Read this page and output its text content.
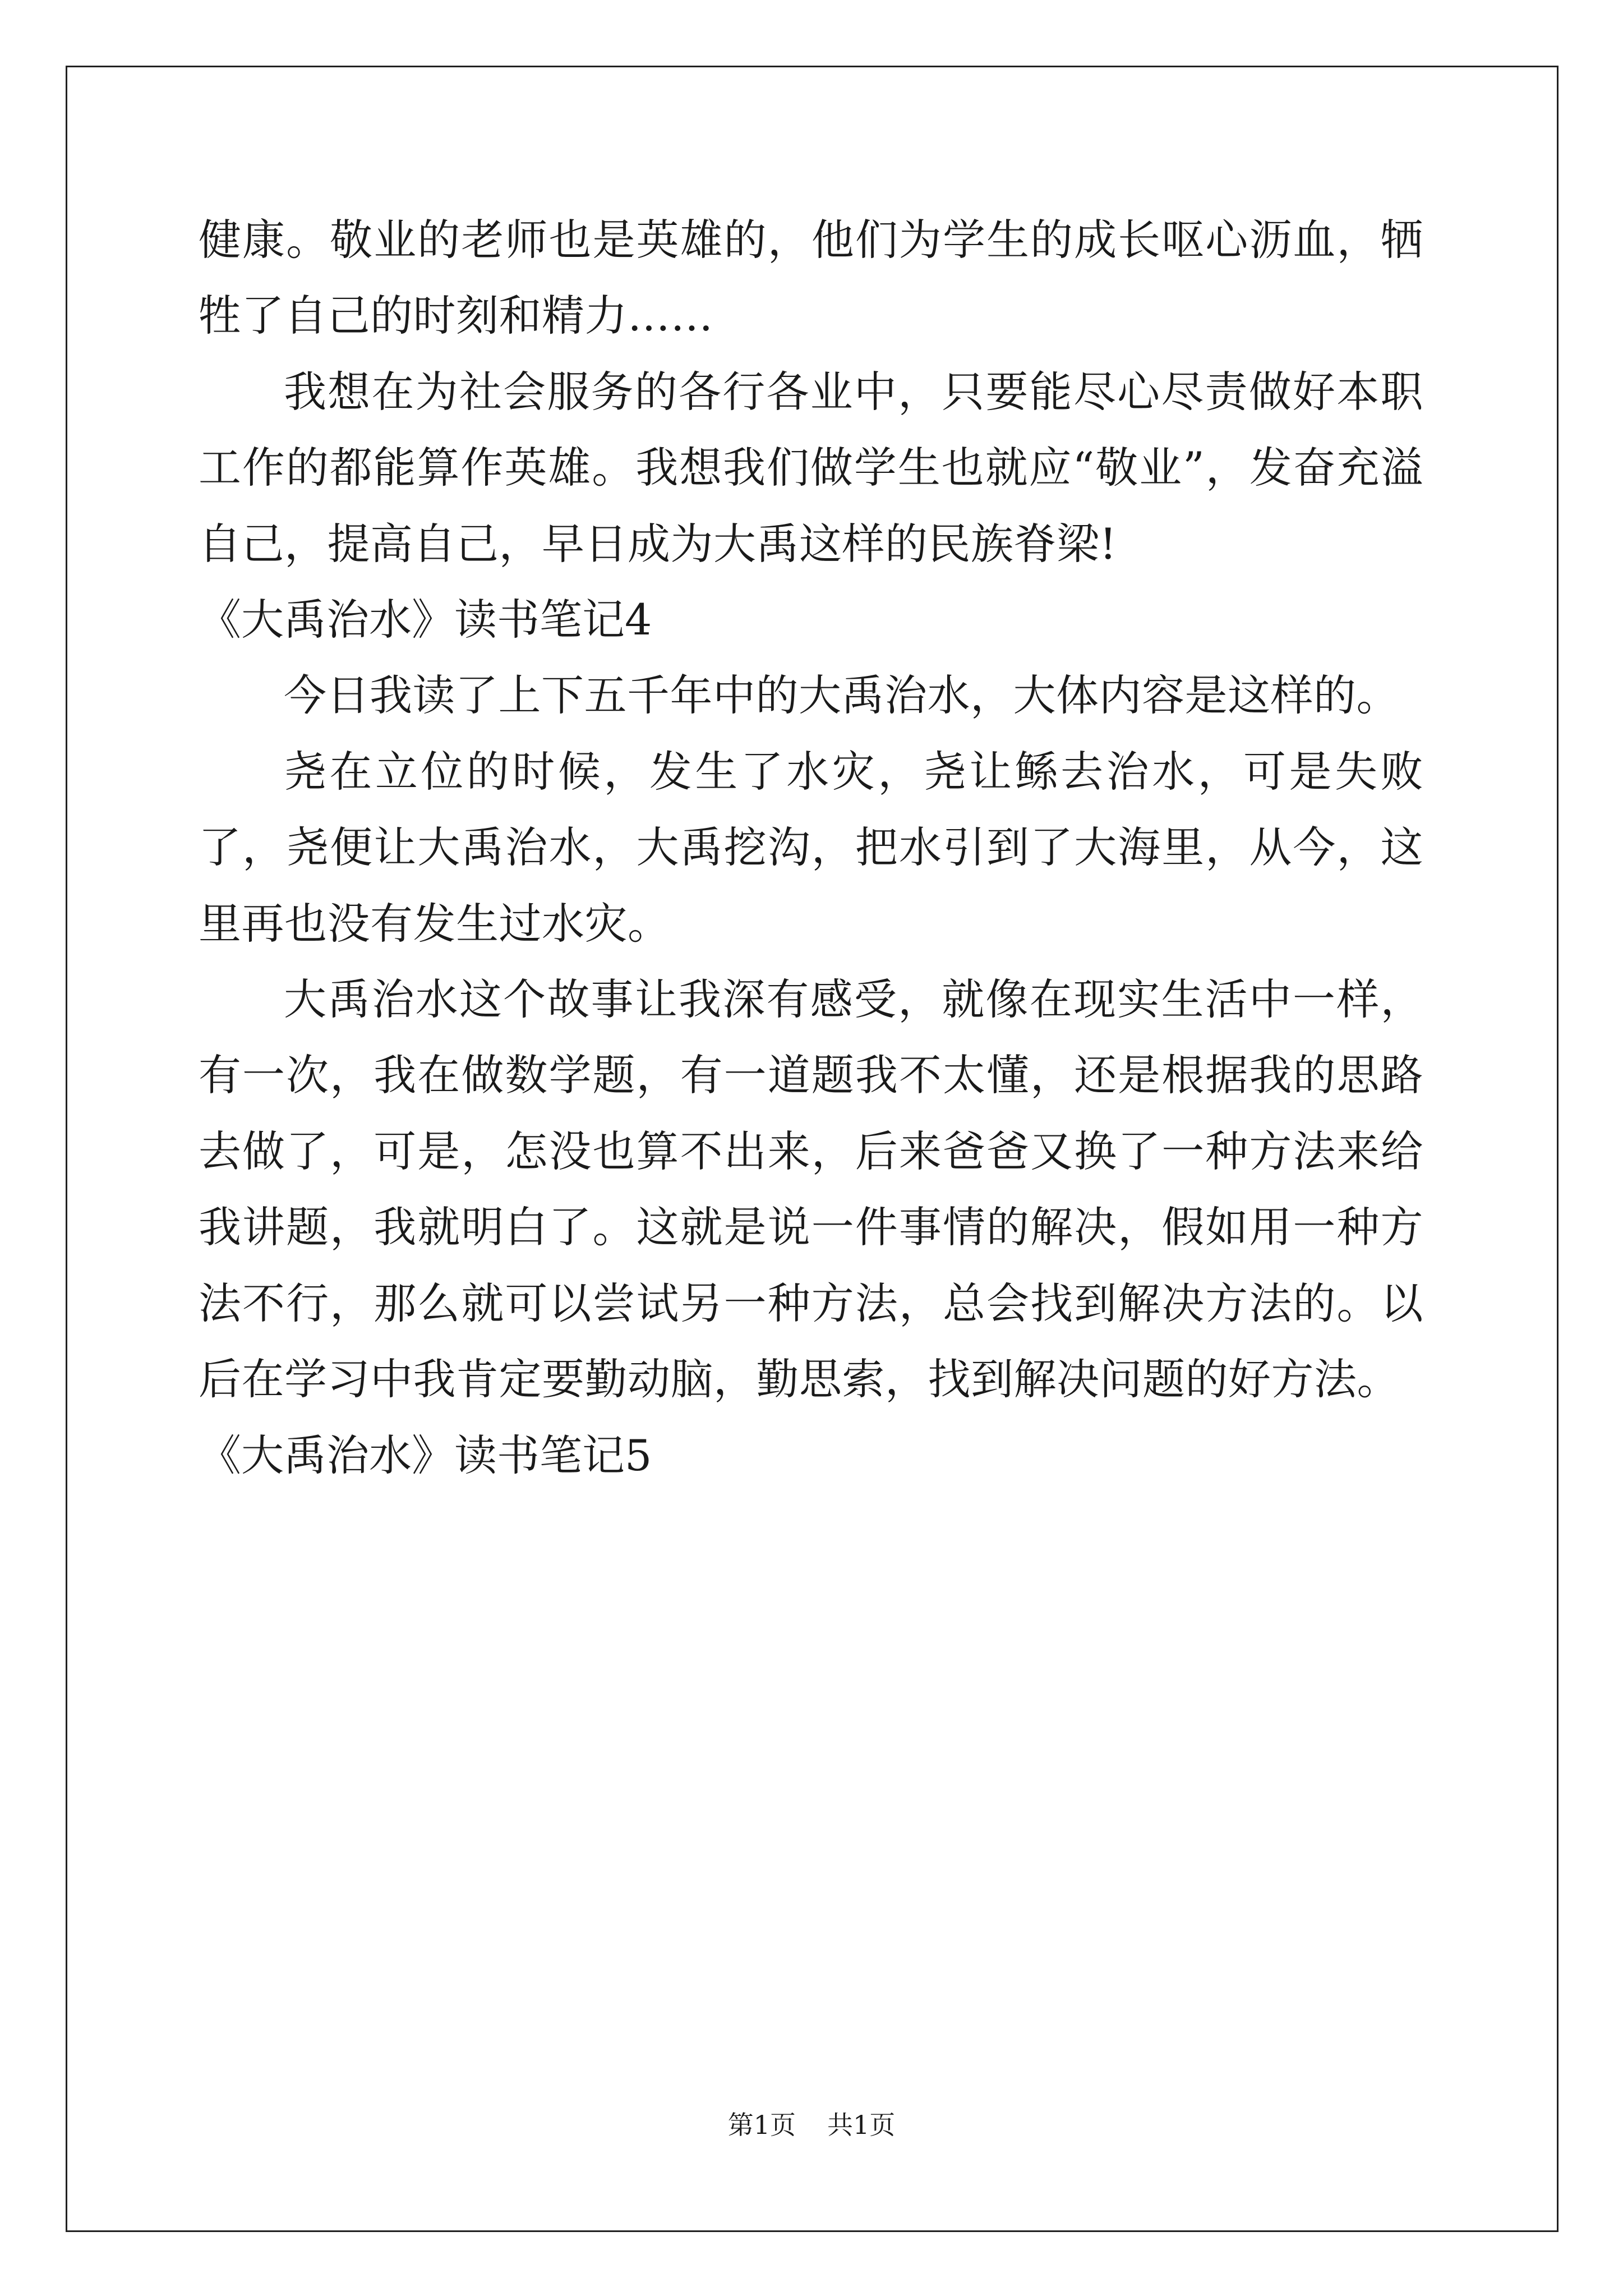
健康。敬业的老师也是英雄的，他们为学生的成长呕心沥血，牺牲了自己的时刻和精力……

我想在为社会服务的各行各业中，只要能尽心尽责做好本职工作的都能算作英雄。我想我们做学生也就应“敬业”，发奋充溢自己，提高自己，早日成为大禹这样的民族脊梁!

《大禹治水》读书笔记4

今日我读了上下五千年中的大禹治水，大体内容是这样的。

尧在立位的时候，发生了水灾，尧让鲧去治水，可是失败了，尧便让大禹治水，大禹挖沟，把水引到了大海里，从今，这里再也没有发生过水灾。

大禹治水这个故事让我深有感受，就像在现实生活中一样，有一次，我在做数学题，有一道题我不太懂，还是根据我的思路去做了，可是，怎没也算不出来，后来爸爸又换了一种方法来给我讲题，我就明白了。这就是说一件事情的解决，假如用一种方法不行，那么就可以尝试另一种方法，总会找到解决方法的。以后在学习中我肯定要勤动脑，勤思索，找到解决问题的好方法。

《大禹治水》读书笔记5
第1页 共1页
